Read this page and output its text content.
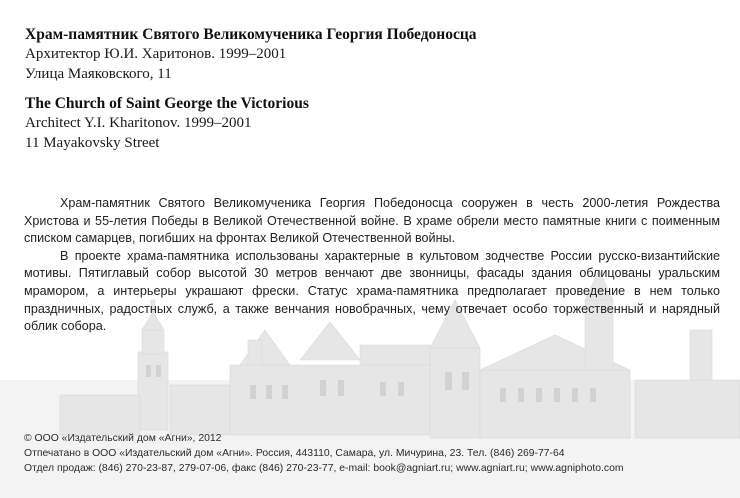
Храм-памятник Святого Великомученика Георгия Победоносца
Архитектор Ю.И. Харитонов. 1999–2001
Улица Маяковского, 11
The Church of Saint George the Victorious
Architect Y.I. Kharitonov. 1999–2001
11 Mayakovsky Street

Храм-памятник Святого Великомученика Георгия Победоносца сооружен в честь 2000-летия Рождества Христова и 55-летия Победы в Великой Отечественной войне. В храме обрели место памятные книги с поименным списком самарцев, погибших на фронтах Великой Отечественной войны.

В проекте храма-памятника использованы характерные в культовом зодчестве России русско-византийские мотивы. Пятиглавый собор высотой 30 метров венчают две звонницы, фасады здания облицованы уральским мрамором, а интерьеры украшают фрески. Статус храма-памятника предполагает проведение в нем только праздничных, радостных служб, а также венчания новобрачных, чему отвечает особо торжественный и нарядный облик собора.

© ООО «Издательский дом «Агни», 2012
Отпечатано в ООО «Издательский дом «Агни». Россия, 443110, Самара, ул. Мичурина, 23. Тел. (846) 269-77-64
Отдел продаж: (846) 270-23-87, 279-07-06, факс (846) 270-23-77, e-mail: book@agniart.ru; www.agniart.ru; www.agniphoto.com
